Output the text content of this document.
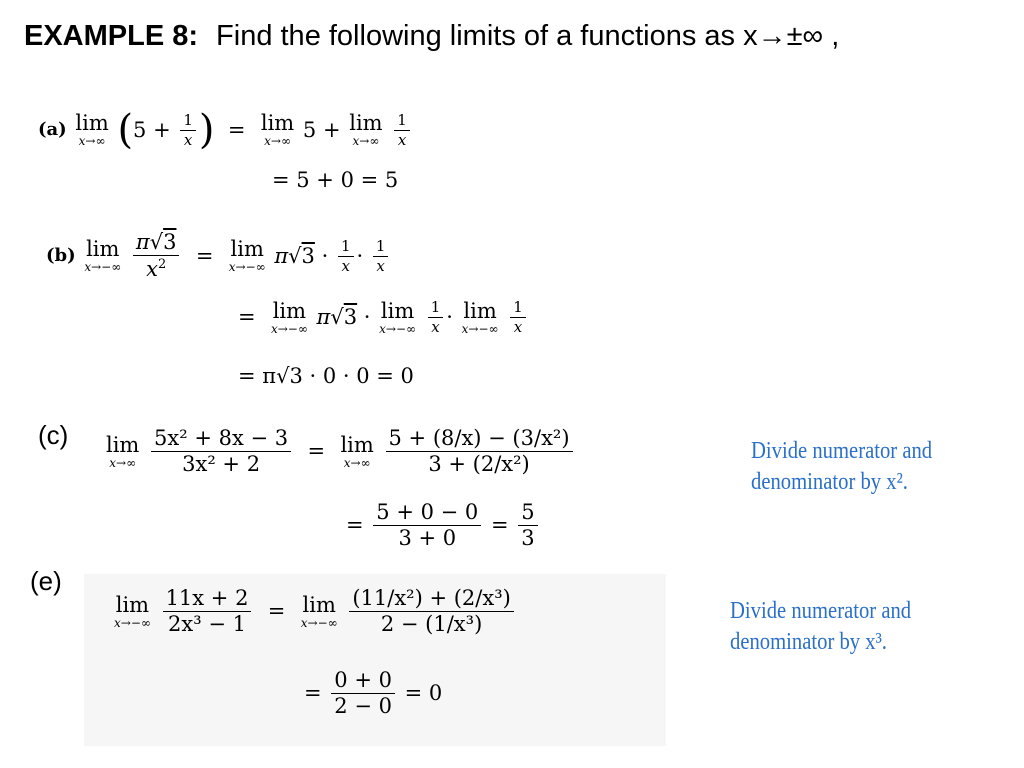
EXAMPLE 8: Find the following limits of a functions as x→±∞ ,
(a) lim
x→∞ ($5 + \frac{1}{x}$ )  = lim
x→∞ 5 + lim
x→∞
$\frac{1}{x}$
= 5 + 0 = 5
(b) lim
x→−∞
$\frac{\pi√3}{x^2} = \lim$
x→−∞ $\pi√3 \cdot \frac{1}{x} \cdot \frac{1}{x}$
= lim
x→−∞ π√3 · lim
x→−∞
$\frac{1}{x} \cdot \lim$
x→−∞
$\frac{1}{x}$
= π√3 · 0 · 0 = 0
(c) lim
x→∞
$\frac{\text{5x² + 8x − 3}}{\text{3x² + 2}} = \lim$
x→∞
$\frac{\text{5 + (8/x) − (3/x²)}}{\text{3 + (2/x²)}}$
= $\frac{5 + 0 - 0}{3 + 0} = \frac{5}{3}$
Divide numerator and
denominator by x².
(e)
lim
x→−∞
$\frac{11x + 2}{\text{2x³ − 1}} = \lim$
x→−∞
$\frac{\text{(11/x²) + (2/x³)}}{\text{2 − (1/x³)}}$
= $\frac{0 + 0}{2 - 0} = 0$
Divide numerator and
denominator by x³.
